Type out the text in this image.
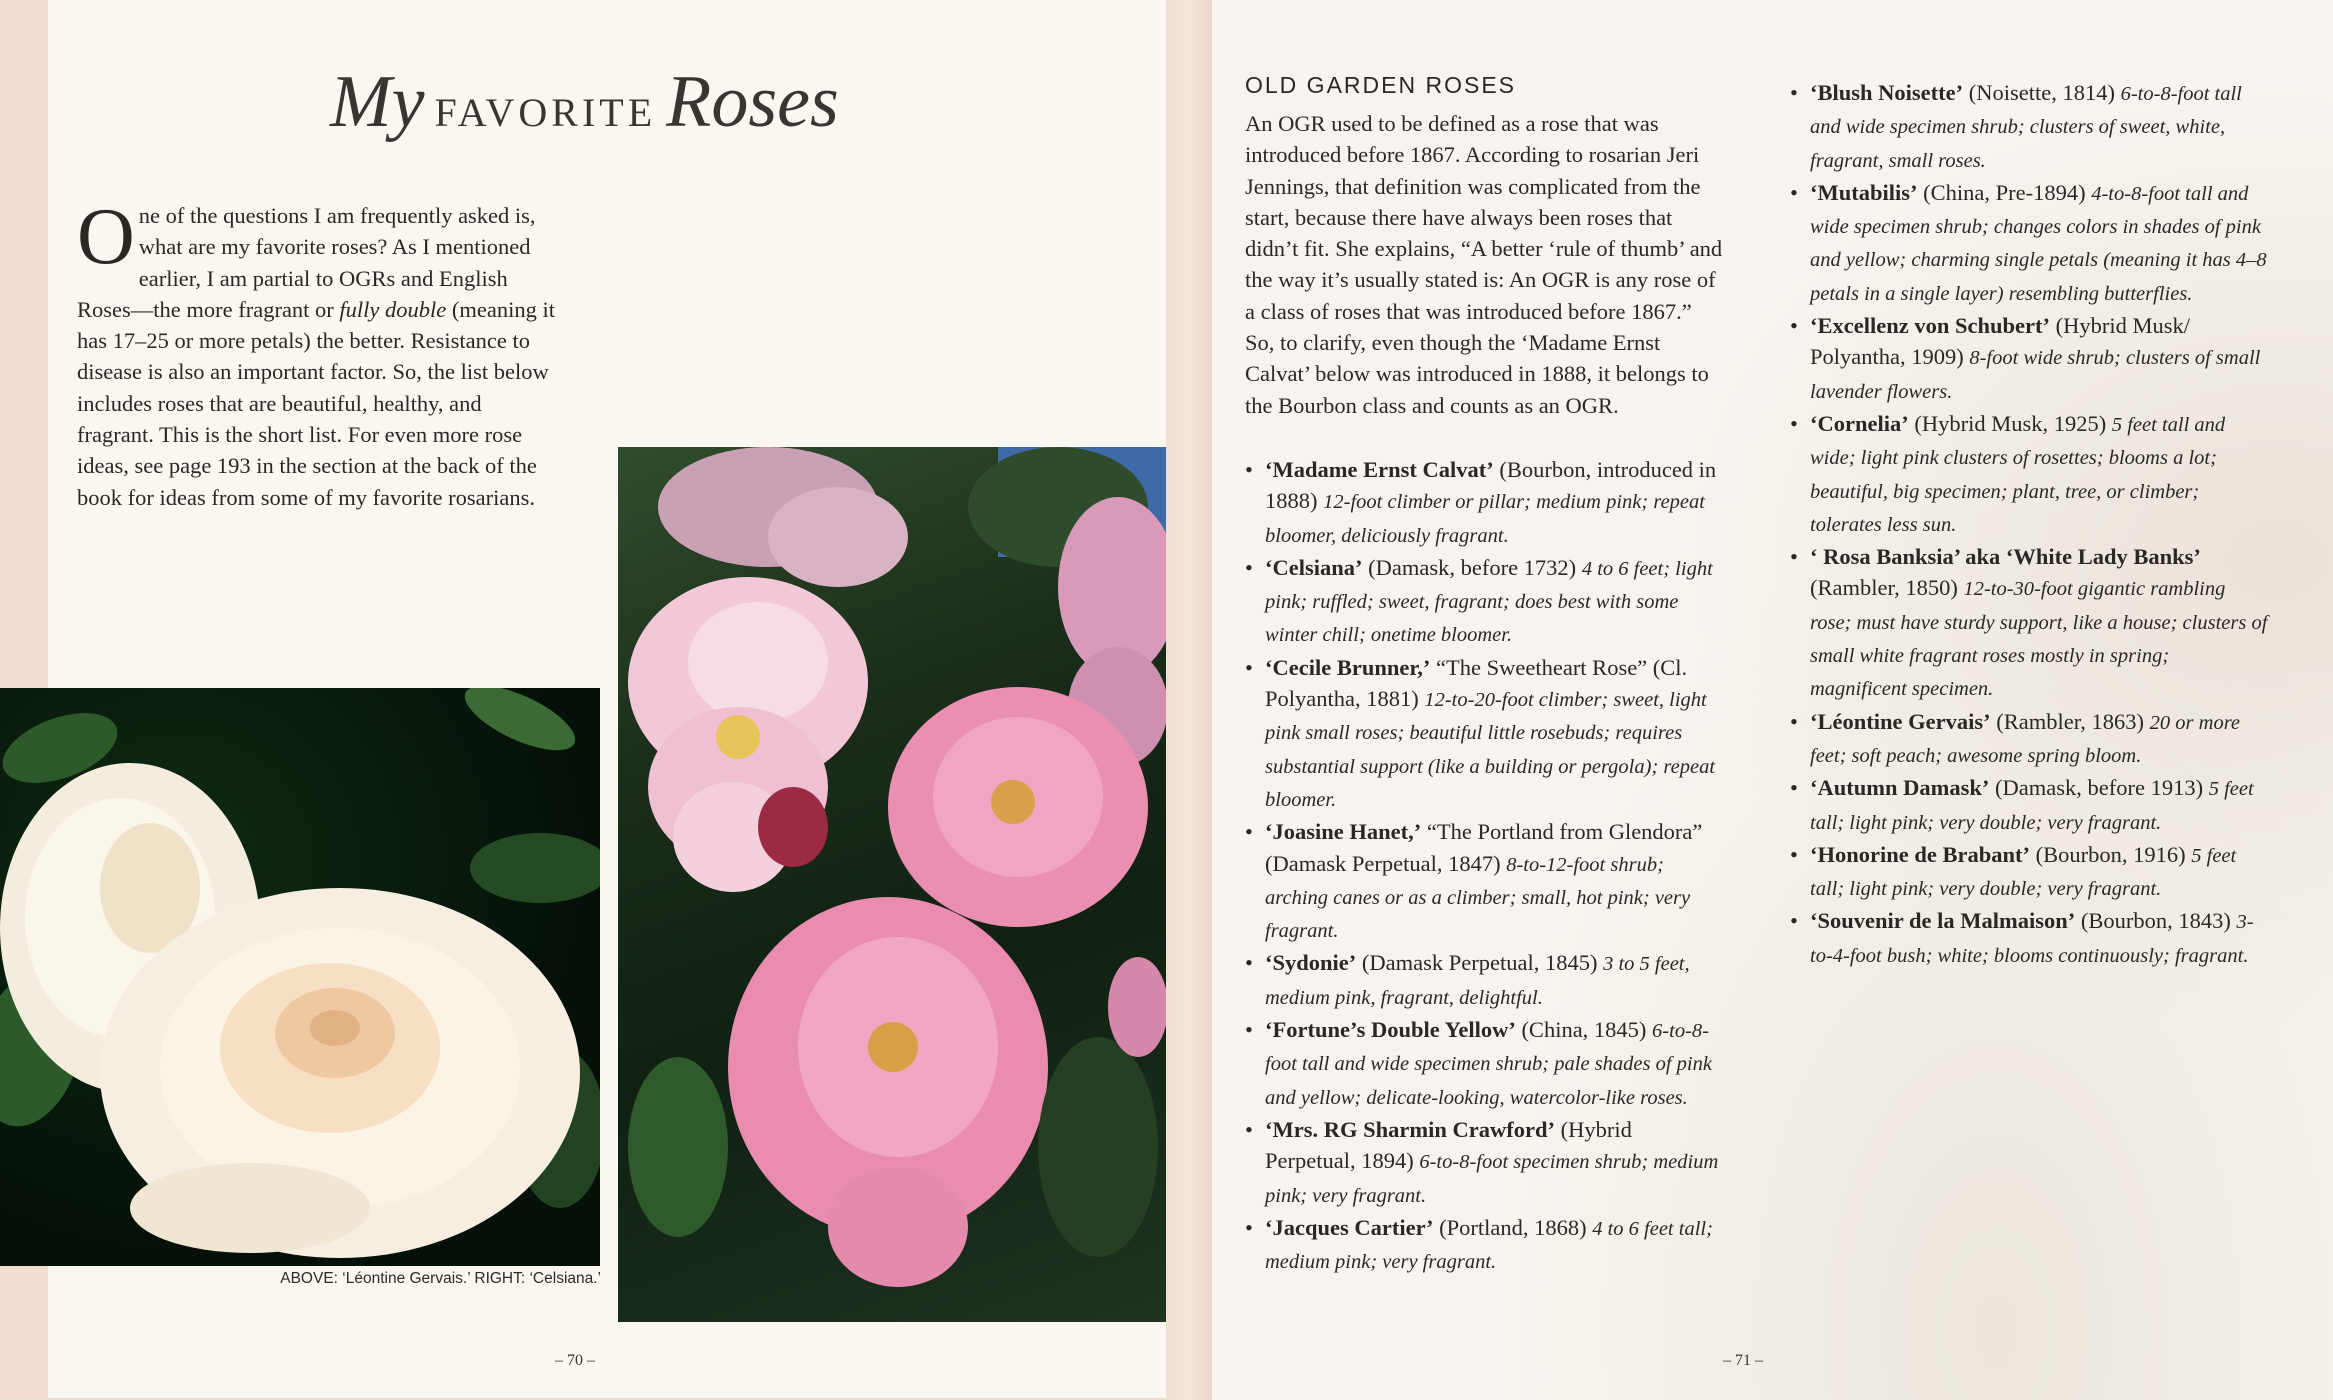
My FAVORITE Roses

One of the questions I am frequently asked is, what are my favorite roses? As I mentioned earlier, I am partial to OGRs and English Roses—the more fragrant or fully double (meaning it has 17–25 or more petals) the better. Resistance to disease is also an important factor. So, the list below includes roses that are beautiful, healthy, and fragrant. This is the short list. For even more rose ideas, see page 193 in the section at the back of the book for ideas from some of my favorite rosarians.

ABOVE: ‘Léontine Gervais.’ RIGHT: ‘Celsiana.’
– 70 –
OLD GARDEN ROSES

An OGR used to be defined as a rose that was introduced before 1867. According to rosarian Jeri Jennings, that definition was complicated from the start, because there have always been roses that didn’t fit. She explains, “A better ‘rule of thumb’ and the way it’s usually stated is: An OGR is any rose of a class of roses that was introduced before 1867.” So, to clarify, even though the ‘Madame Ernst Calvat’ below was introduced in 1888, it belongs to the Bourbon class and counts as an OGR.

• ‘Madame Ernst Calvat’ (Bourbon, introduced in 1888) 12-foot climber or pillar; medium pink; repeat bloomer, deliciously fragrant.
• ‘Celsiana’ (Damask, before 1732) 4 to 6 feet; light pink; ruffled; sweet, fragrant; does best with some winter chill; onetime bloomer.
• ‘Cecile Brunner,’ “The Sweetheart Rose” (Cl. Polyantha, 1881) 12-to-20-foot climber; sweet, light pink small roses; beautiful little rosebuds; requires substantial support (like a building or pergola); repeat bloomer.
• ‘Joasine Hanet,’ “The Portland from Glendora” (Damask Perpetual, 1847) 8-to-12-foot shrub; arching canes or as a climber; small, hot pink; very fragrant.
• ‘Sydonie’ (Damask Perpetual, 1845) 3 to 5 feet, medium pink, fragrant, delightful.
• ‘Fortune’s Double Yellow’ (China, 1845) 6-to-8-foot tall and wide specimen shrub; pale shades of pink and yellow; delicate-looking, watercolor-like roses.
• ‘Mrs. RG Sharmin Crawford’ (Hybrid Perpetual, 1894) 6-to-8-foot specimen shrub; medium pink; very fragrant.
• ‘Jacques Cartier’ (Portland, 1868) 4 to 6 feet tall; medium pink; very fragrant.
• ‘Blush Noisette’ (Noisette, 1814) 6-to-8-foot tall and wide specimen shrub; clusters of sweet, white, fragrant, small roses.
• ‘Mutabilis’ (China, Pre-1894) 4-to-8-foot tall and wide specimen shrub; changes colors in shades of pink and yellow; charming single petals (meaning it has 4–8 petals in a single layer) resembling butterflies.
• ‘Excellenz von Schubert’ (Hybrid Musk/ Polyantha, 1909) 8-foot wide shrub; clusters of small lavender flowers.
• ‘Cornelia’ (Hybrid Musk, 1925) 5 feet tall and wide; light pink clusters of rosettes; blooms a lot; beautiful, big specimen; plant, tree, or climber; tolerates less sun.
• ‘ Rosa Banksia’ aka ‘White Lady Banks’ (Rambler, 1850) 12-to-30-foot gigantic rambling rose; must have sturdy support, like a house; clusters of small white fragrant roses mostly in spring; magnificent specimen.
• ‘Léontine Gervais’ (Rambler, 1863) 20 or more feet; soft peach; awesome spring bloom.
• ‘Autumn Damask’ (Damask, before 1913) 5 feet tall; light pink; very double; very fragrant.
• ‘Honorine de Brabant’ (Bourbon, 1916) 5 feet tall; light pink; very double; very fragrant.
• ‘Souvenir de la Malmaison’ (Bourbon, 1843) 3-to-4-foot bush; white; blooms continuously; fragrant.
– 71 –
